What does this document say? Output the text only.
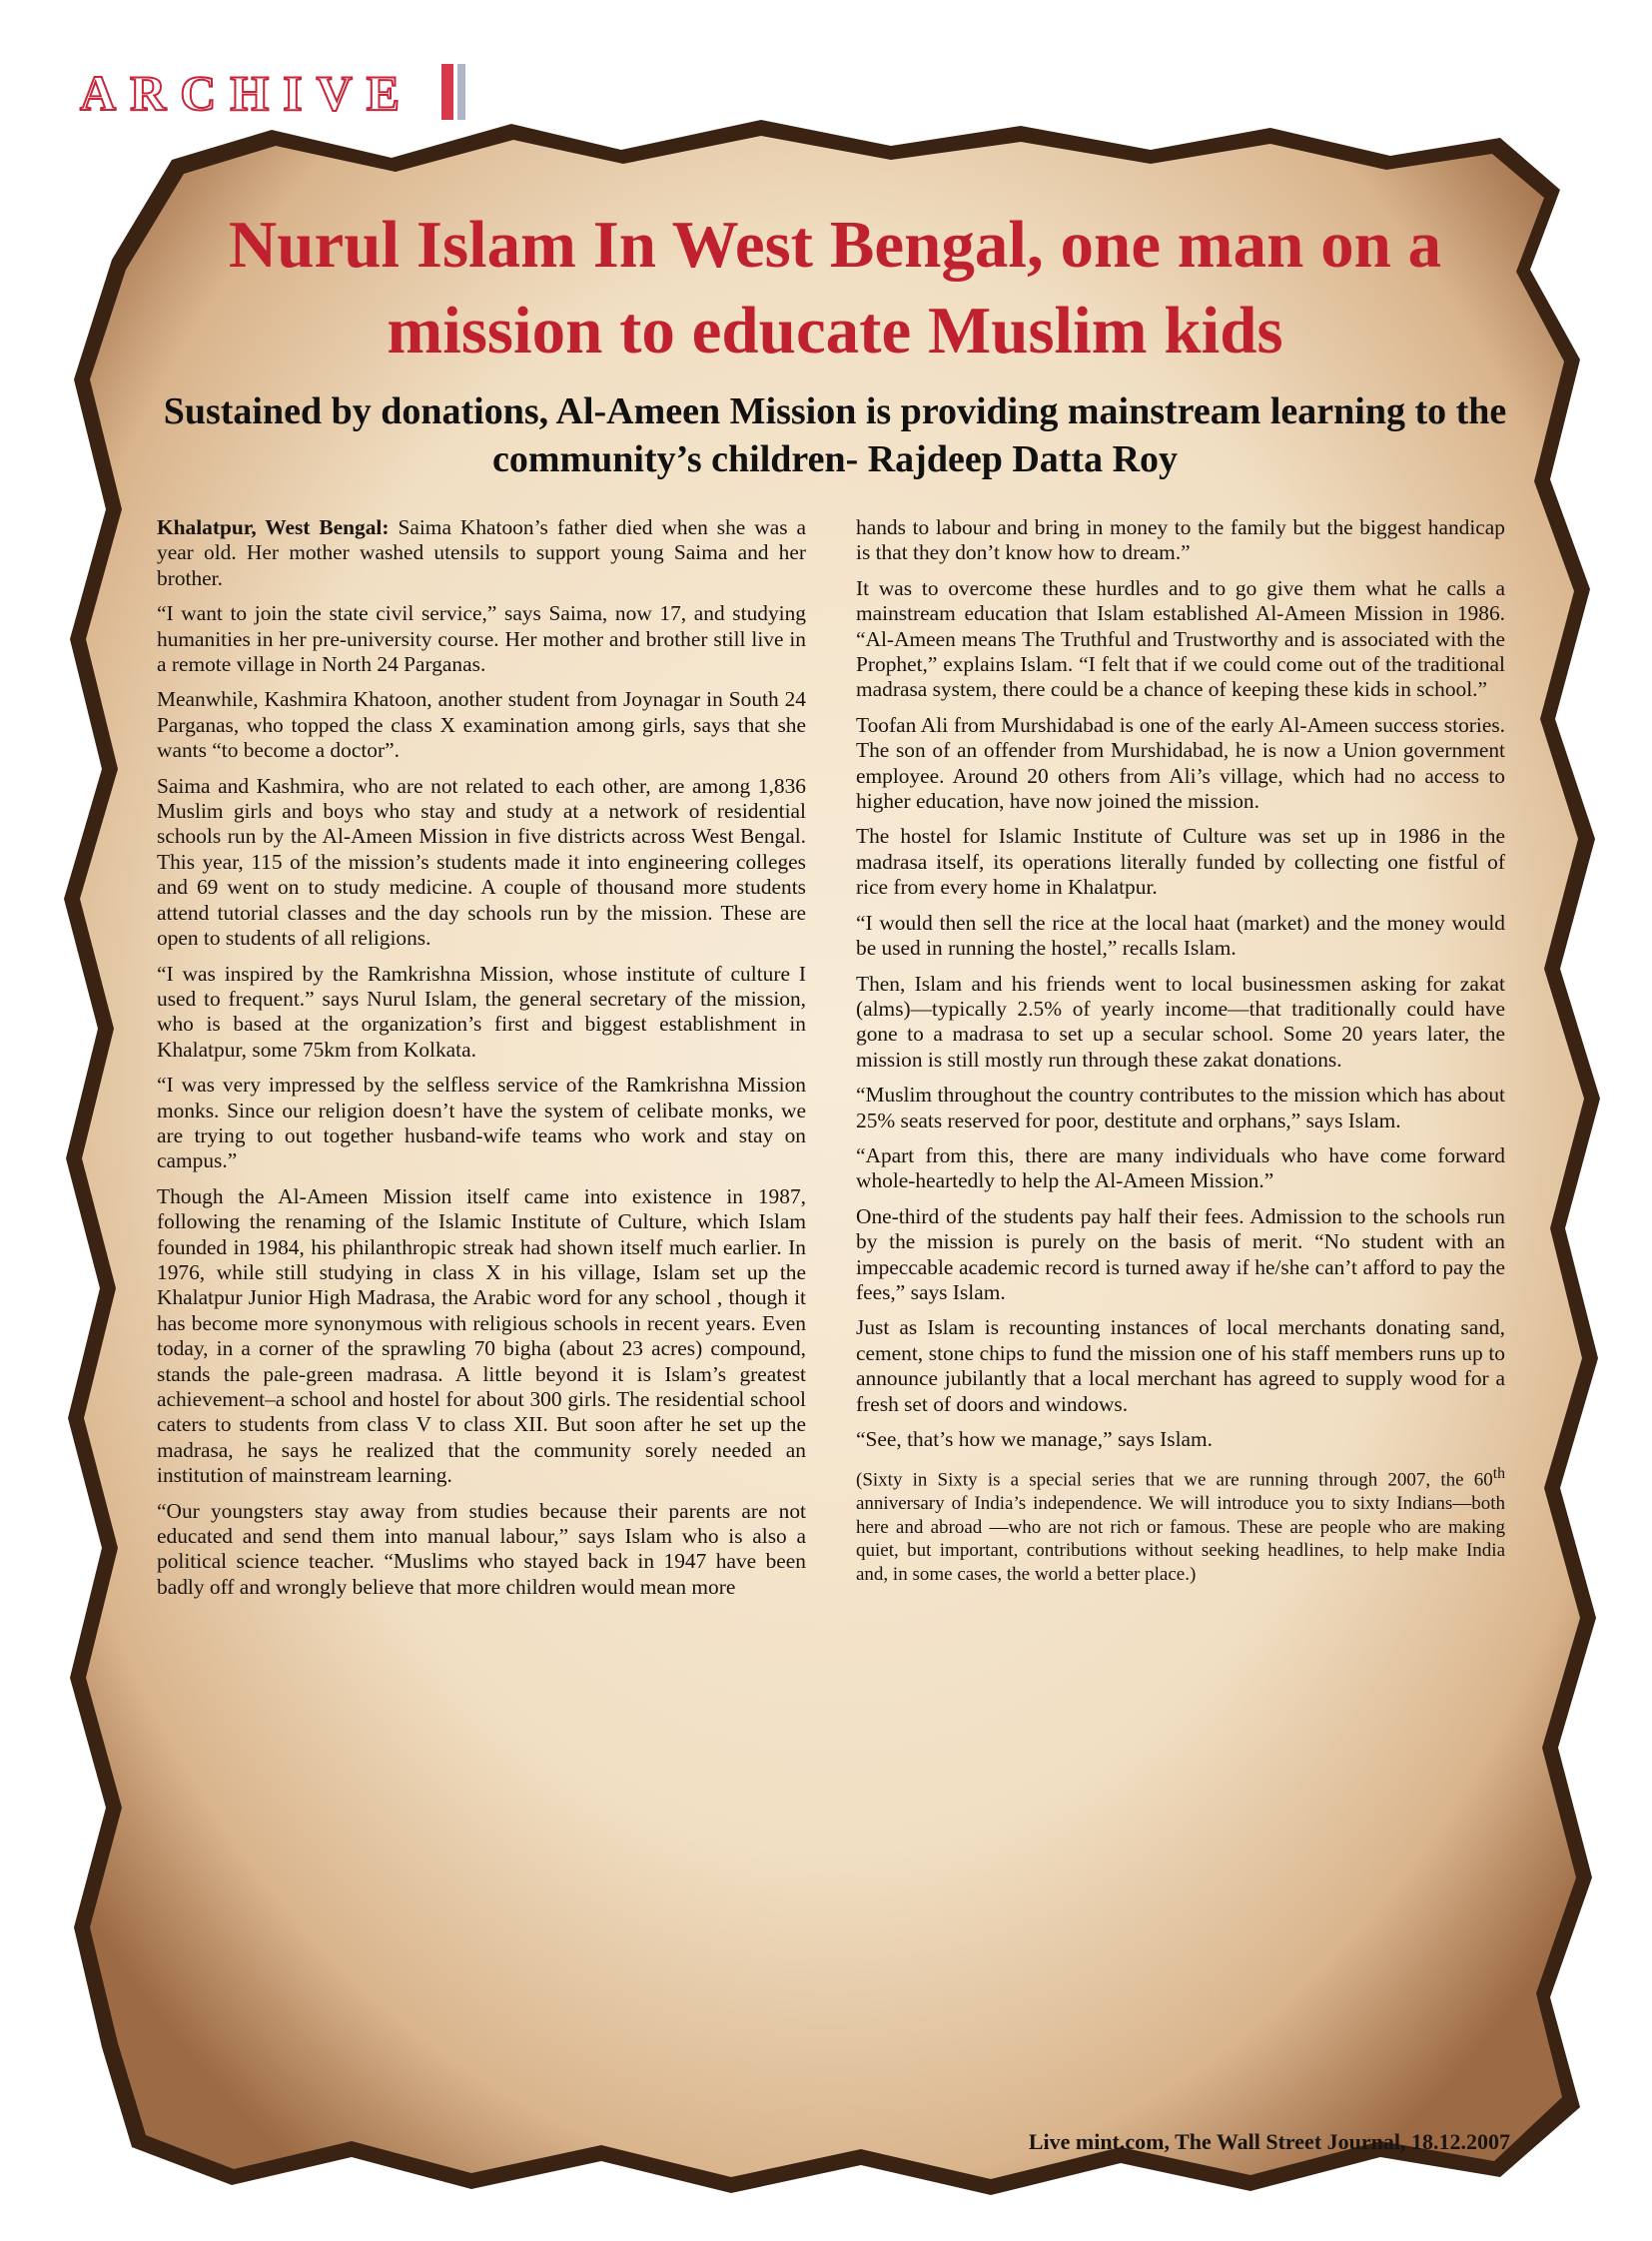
ARCHIVE
Nurul Islam In West Bengal, one man on a mission to educate Muslim kids
Sustained by donations, Al-Ameen Mission is providing mainstream learning to the community’s children- Rajdeep Datta Roy

Khalatpur, West Bengal: Saima Khatoon’s father died when she was a year old. Her mother washed utensils to support young Saima and her brother.

“I want to join the state civil service,” says Saima, now 17, and studying humanities in her pre-university course. Her mother and brother still live in a remote village in North 24 Parganas.

Meanwhile, Kashmira Khatoon, another student from Joynagar in South 24 Parganas, who topped the class X examination among girls, says that she wants “to become a doctor”.

Saima and Kashmira, who are not related to each other, are among 1,836 Muslim girls and boys who stay and study at a network of residential schools run by the Al-Ameen Mission in five districts across West Bengal. This year, 115 of the mission’s students made it into engineering colleges and 69 went on to study medicine. A couple of thousand more students attend tutorial classes and the day schools run by the mission. These are open to students of all religions.

“I was inspired by the Ramkrishna Mission, whose institute of culture I used to frequent.” says Nurul Islam, the general secretary of the mission, who is based at the organization’s first and biggest establishment in Khalatpur, some 75km from Kolkata.

“I was very impressed by the selfless service of the Ramkrishna Mission monks. Since our religion doesn’t have the system of celibate monks, we are trying to out together husband-wife teams who work and stay on campus.”

Though the Al-Ameen Mission itself came into existence in 1987, following the renaming of the Islamic Institute of Culture, which Islam founded in 1984, his philanthropic streak had shown itself much earlier. In 1976, while still studying in class X in his village, Islam set up the Khalatpur Junior High Madrasa, the Arabic word for any school , though it has become more synonymous with religious schools in recent years. Even today, in a corner of the sprawling 70 bigha (about 23 acres) compound, stands the pale-green madrasa. A little beyond it is Islam’s greatest achievement–a school and hostel for about 300 girls. The residential school caters to students from class V to class XII. But soon after he set up the madrasa, he says he realized that the community sorely needed an institution of mainstream learning.

“Our youngsters stay away from studies because their parents are not educated and send them into manual labour,” says Islam who is also a political science teacher. “Muslims who stayed back in 1947 have been badly off and wrongly believe that more children would mean more

hands to labour and bring in money to the family but the biggest handicap is that they don’t know how to dream.”

It was to overcome these hurdles and to go give them what he calls a mainstream education that Islam established Al-Ameen Mission in 1986. “Al-Ameen means The Truthful and Trustworthy and is associated with the Prophet,” explains Islam. “I felt that if we could come out of the traditional madrasa system, there could be a chance of keeping these kids in school.”

Toofan Ali from Murshidabad is one of the early Al-Ameen success stories. The son of an offender from Murshidabad, he is now a Union government employee. Around 20 others from Ali’s village, which had no access to higher education, have now joined the mission.

The hostel for Islamic Institute of Culture was set up in 1986 in the madrasa itself, its operations literally funded by collecting one fistful of rice from every home in Khalatpur.

“I would then sell the rice at the local haat (market) and the money would be used in running the hostel,” recalls Islam.

Then, Islam and his friends went to local businessmen asking for zakat (alms)—typically 2.5% of yearly income—that traditionally could have gone to a madrasa to set up a secular school. Some 20 years later, the mission is still mostly run through these zakat donations.

“Muslim throughout the country contributes to the mission which has about 25% seats reserved for poor, destitute and orphans,” says Islam.

“Apart from this, there are many individuals who have come forward whole-heartedly to help the Al-Ameen Mission.”

One-third of the students pay half their fees. Admission to the schools run by the mission is purely on the basis of merit. “No student with an impeccable academic record is turned away if he/she can’t afford to pay the fees,” says Islam.

Just as Islam is recounting instances of local merchants donating sand, cement, stone chips to fund the mission one of his staff members runs up to announce jubilantly that a local merchant has agreed to supply wood for a fresh set of doors and windows.

“See, that’s how we manage,” says Islam.

(Sixty in Sixty is a special series that we are running through 2007, the 60th anniversary of India’s independence. We will introduce you to sixty Indians—both here and abroad —who are not rich or famous. These are people who are making quiet, but important, contributions without seeking headlines, to help make India and, in some cases, the world a better place.)

Live mint.com, The Wall Street Journal, 18.12.2007
